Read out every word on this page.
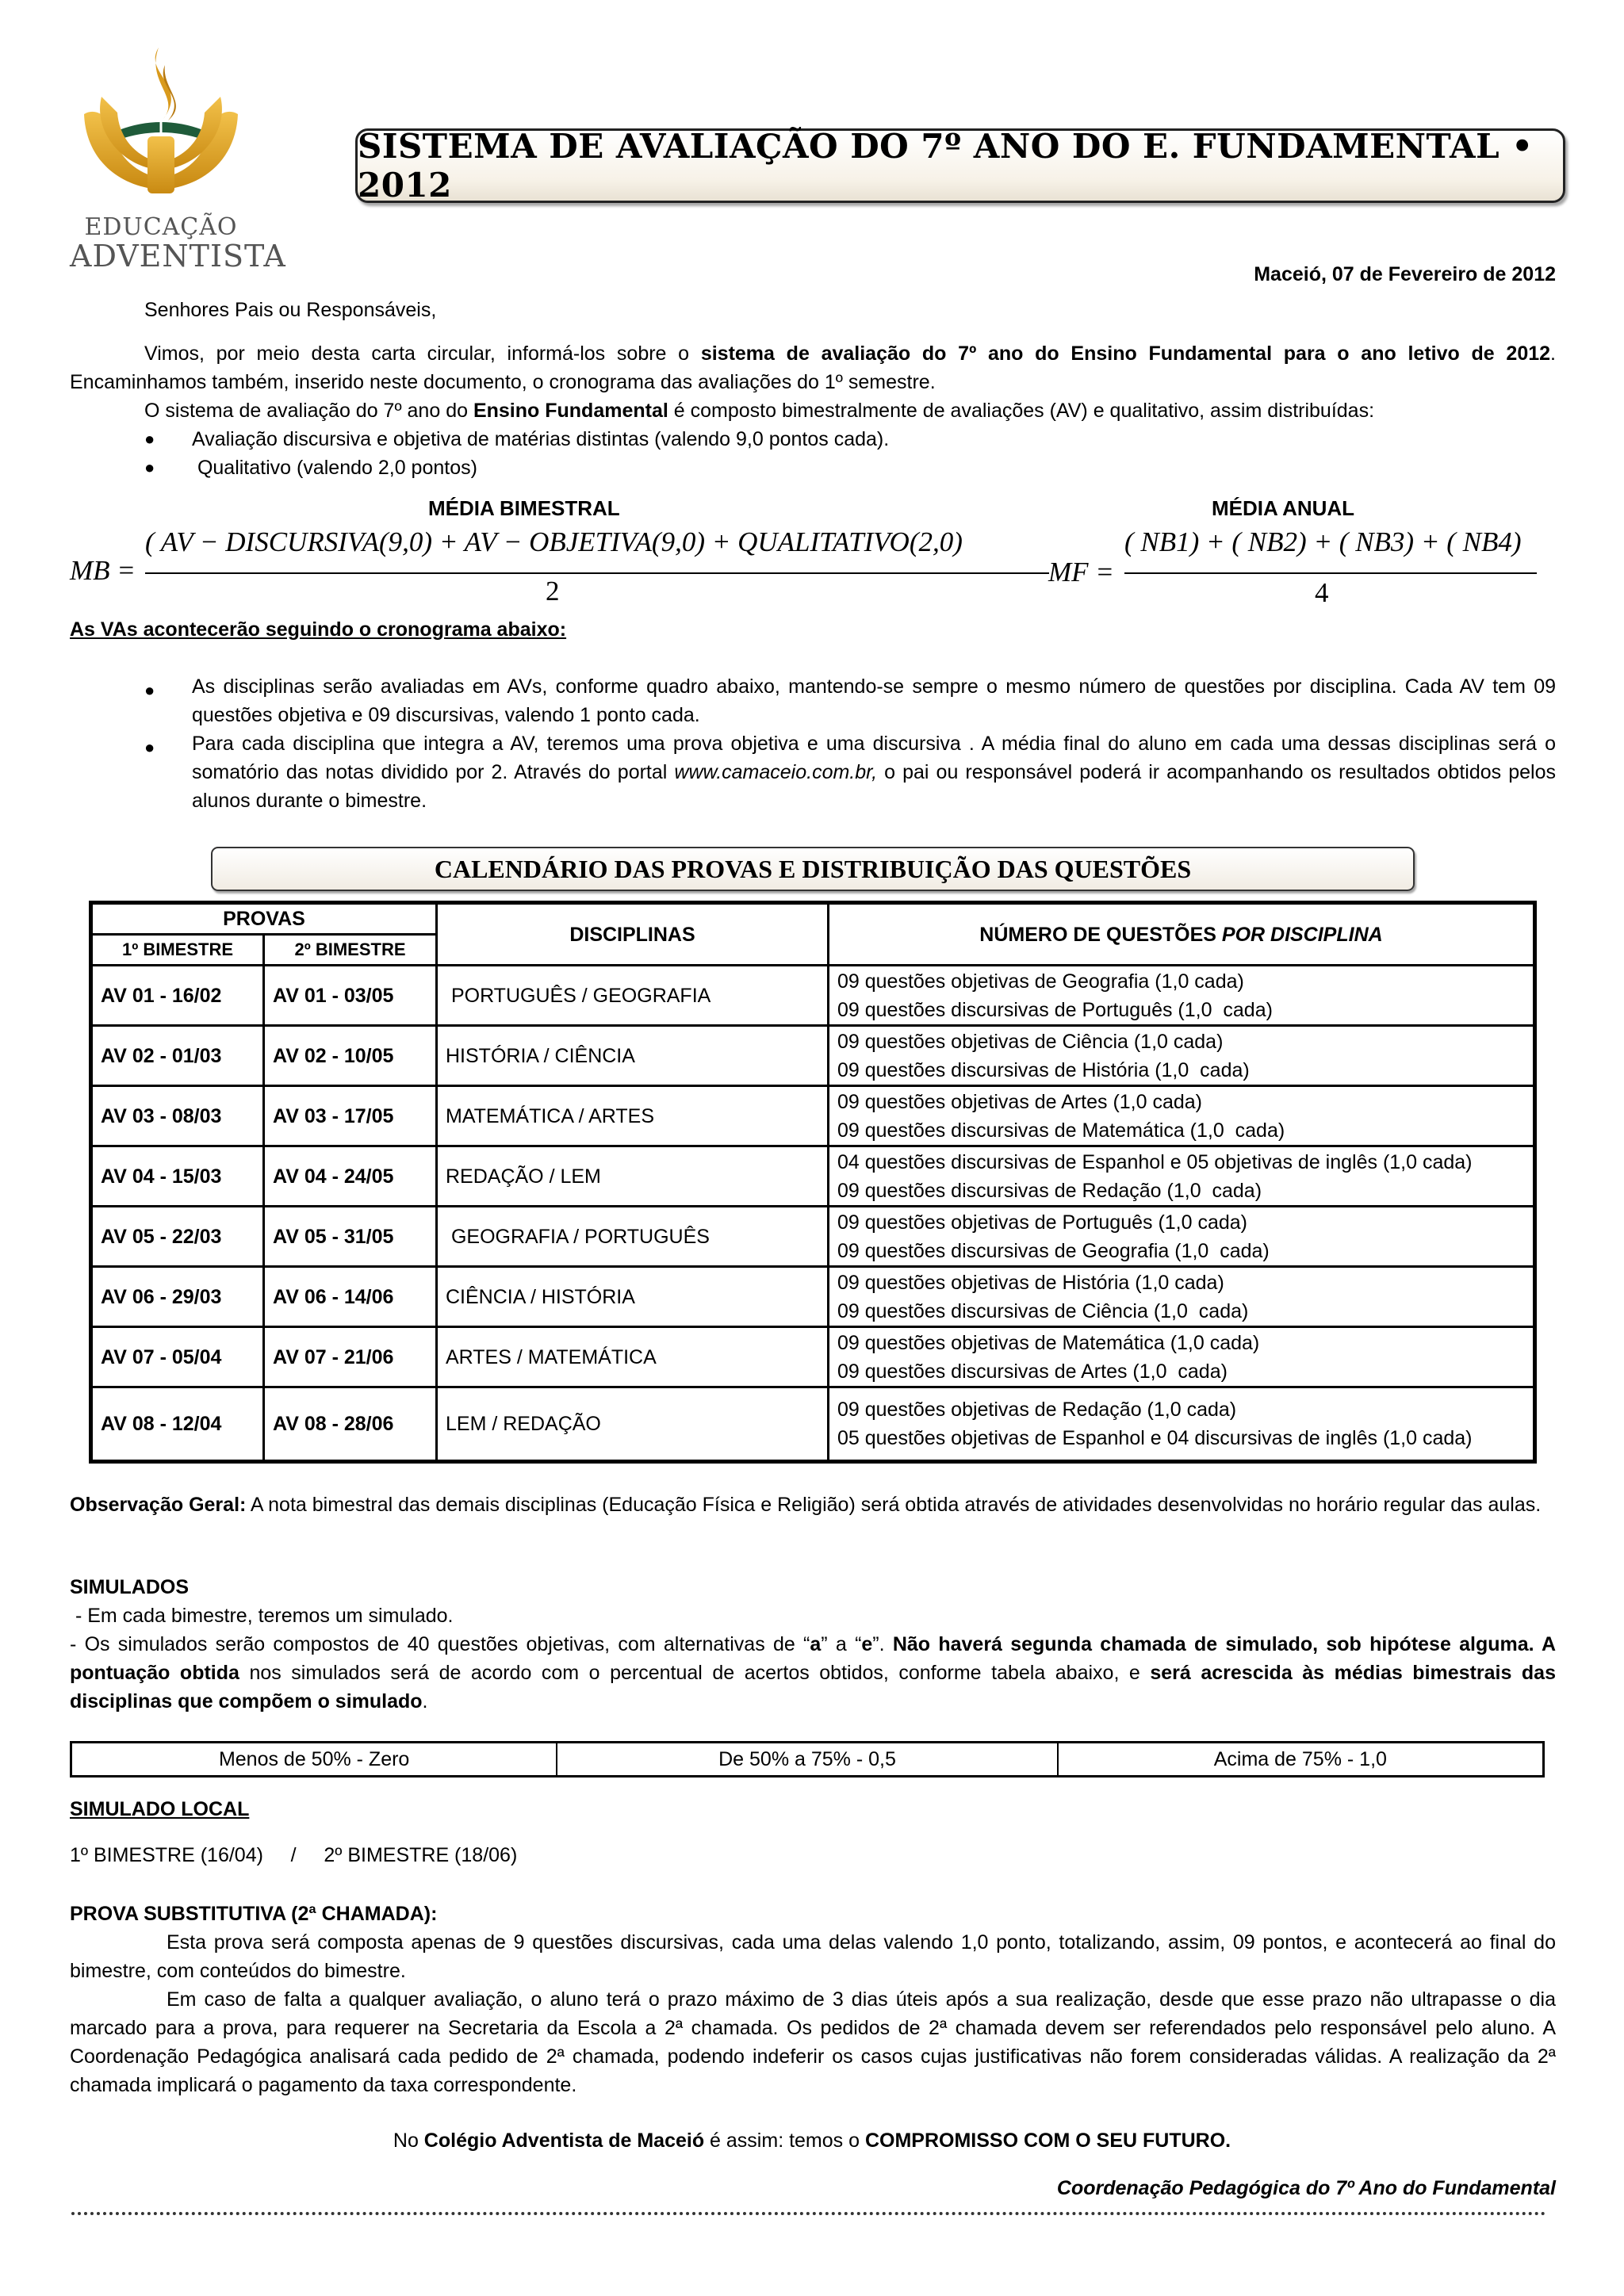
EDUCAÇÃO
ADVENTISTA
SISTEMA DE AVALIAÇÃO DO 7º ANO DO E. FUNDAMENTAL • 2012
Maceió, 07 de Fevereiro de 2012
Senhores Pais ou Responsáveis,
Vimos, por meio desta carta circular, informá-los sobre o sistema de avaliação do 7º ano do Ensino Fundamental para o ano letivo de 2012. Encaminhamos também, inserido neste documento, o cronograma das avaliações do 1º semestre.
O sistema de avaliação do 7º ano do Ensino Fundamental é composto bimestralmente de avaliações (AV) e qualitativo, assim distribuídas:
● Avaliação discursiva e objetiva de matérias distintas (valendo 9,0 pontos cada).
● Qualitativo (valendo 2,0 pontos)
MÉDIA BIMESTRAL	MÉDIA ANUAL
MB =
( AV − DISCURSIVA(9,0) + AV − OBJETIVA(9,0) + QUALITATIVO(2,0)
2
MF =
( NB1) + ( NB2) + ( NB3) + ( NB4)
4
As VAs acontecerão seguindo o cronograma abaixo:
● As disciplinas serão avaliadas em AVs, conforme quadro abaixo, mantendo-se sempre o mesmo número de questões por disciplina. Cada AV tem 09 questões objetiva e 09 discursivas, valendo 1 ponto cada.
● Para cada disciplina que integra a AV, teremos uma prova objetiva e uma discursiva . A média final do aluno em cada uma dessas disciplinas será o somatório das notas dividido por 2. Através do portal www.camaceio.com.br, o pai ou responsável poderá ir acompanhando os resultados obtidos pelos alunos durante o bimestre.
CALENDÁRIO DAS PROVAS E DISTRIBUIÇÃO DAS QUESTÕES
PROVAS		DISCIPLINAS	NÚMERO DE QUESTÕES POR DISCIPLINA
1º BIMESTRE	2º BIMESTRE		
AV 01 - 16/02	AV 01 - 03/05	PORTUGUÊS / GEOGRAFIA	09 questões objetivas de Geografia (1,0 cada)
09 questões discursivas de Português (1,0  cada)

AV 02 - 01/03	AV 02 - 10/05	HISTÓRIA / CIÊNCIA	09 questões objetivas de Ciência (1,0 cada)
09 questões discursivas de História (1,0  cada)

AV 03 - 08/03	AV 03 - 17/05	MATEMÁTICA / ARTES	09 questões objetivas de Artes (1,0 cada)
09 questões discursivas de Matemática (1,0  cada)

AV 04 - 15/03	AV 04 - 24/05	REDAÇÃO / LEM	04 questões discursivas de Espanhol e 05 objetivas de inglês (1,0 cada)
09 questões discursivas de Redação (1,0  cada)

AV 05 - 22/03	AV 05 - 31/05	GEOGRAFIA / PORTUGUÊS	09 questões objetivas de Português (1,0 cada)
09 questões discursivas de Geografia (1,0  cada)

AV 06 - 29/03	AV 06 - 14/06	CIÊNCIA / HISTÓRIA	09 questões objetivas de História (1,0 cada)
09 questões discursivas de Ciência (1,0  cada)

AV 07 - 05/04	AV 07 - 21/06	ARTES / MATEMÁTICA	09 questões objetivas de Matemática (1,0 cada)
09 questões discursivas de Artes (1,0  cada)

AV 08 - 12/04	AV 08 - 28/06	LEM / REDAÇÃO	09 questões objetivas de Redação (1,0 cada)
05 questões objetivas de Espanhol e 04 discursivas de inglês (1,0 cada)
Observação Geral: A nota bimestral das demais disciplinas (Educação Física e Religião) será obtida através de atividades desenvolvidas no horário regular das aulas.
SIMULADOS
- Em cada bimestre, teremos um simulado.
- Os simulados serão compostos de 40 questões objetivas, com alternativas de “a” a “e”. Não haverá segunda chamada de simulado, sob hipótese alguma. A pontuação obtida nos simulados será de acordo com o percentual de acertos obtidos, conforme tabela abaixo, e será acrescida às médias bimestrais das disciplinas que compõem o simulado.
Menos de 50% - Zero	De 50% a 75% - 0,5	Acima de 75% - 1,0
SIMULADO LOCAL
1º BIMESTRE (16/04)     /     2º BIMESTRE (18/06)
PROVA SUBSTITUTIVA (2ª CHAMADA):
Esta prova será composta apenas de 9 questões discursivas, cada uma delas valendo 1,0 ponto, totalizando, assim, 09 pontos, e acontecerá ao final do bimestre, com conteúdos do bimestre.
Em caso de falta a qualquer avaliação, o aluno terá o prazo máximo de 3 dias úteis após a sua realização, desde que esse prazo não ultrapasse o dia marcado para a prova, para requerer na Secretaria da Escola a 2ª chamada. Os pedidos de 2ª chamada devem ser referendados pelo responsável pelo aluno. A Coordenação Pedagógica analisará cada pedido de 2ª chamada, podendo indeferir os casos cujas justificativas não forem consideradas válidas. A realização da 2ª chamada implicará o pagamento da taxa correspondente.
No Colégio Adventista de Maceió é assim: temos o COMPROMISSO COM O SEU FUTURO.
Coordenação Pedagógica do 7º Ano do Fundamental
